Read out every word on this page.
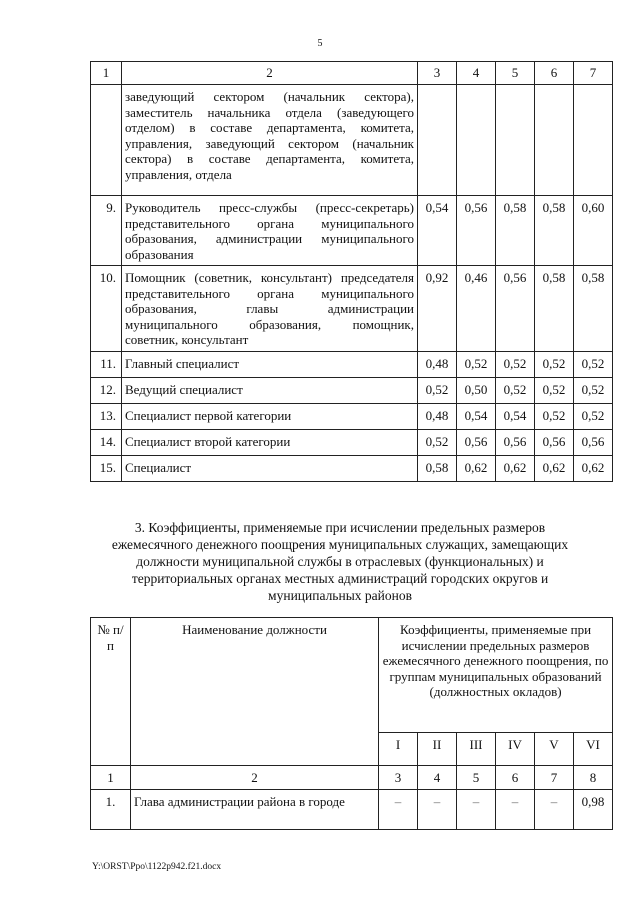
5
1	2	3	4	5	6	7
	заведующий сектором (начальник сектора), заместитель начальника отдела (заведующего отделом) в составе департамента, комитета, управления, заведующий сектором (начальник сектора) в составе департамента, комитета, управления, отдела					
9.	Руководитель пресс-службы (пресс-секретарь) представительного органа муниципального образования, администрации муниципального образования	0,54	0,56	0,58	0,58	0,60
10.	Помощник (советник, консультант) председателя представительного органа муниципального образования, главы администрации муниципального образования, помощник, советник, консультант	0,92	0,46	0,56	0,58	0,58
11.	Главный специалист	0,48	0,52	0,52	0,52	0,52
12.	Ведущий специалист	0,52	0,50	0,52	0,52	0,52
13.	Специалист первой категории	0,48	0,54	0,54	0,52	0,52
14.	Специалист второй категории	0,52	0,56	0,56	0,56	0,56
15.	Специалист	0,58	0,62	0,62	0,62	0,62
3. Коэффициенты, применяемые при исчислении предельных размеров ежемесячного денежного поощрения муниципальных служащих, замещающих должности муниципальной службы в отраслевых (функциональных) и территориальных органах местных администраций городских округов и муниципальных районов
№ п/п	Наименование должности	Коэффициенты, применяемые при исчислении предельных размеров ежемесячного денежного поощрения, по группам муниципальных образований (должностных окладов)					
		I	II	III	IV	V	VI
1	2	3	4	5	6	7	8
1.	Глава администрации района в городе	–	–	–	–	–	0,98
Y:\ORST\Ppo\1122p942.f21.docx
